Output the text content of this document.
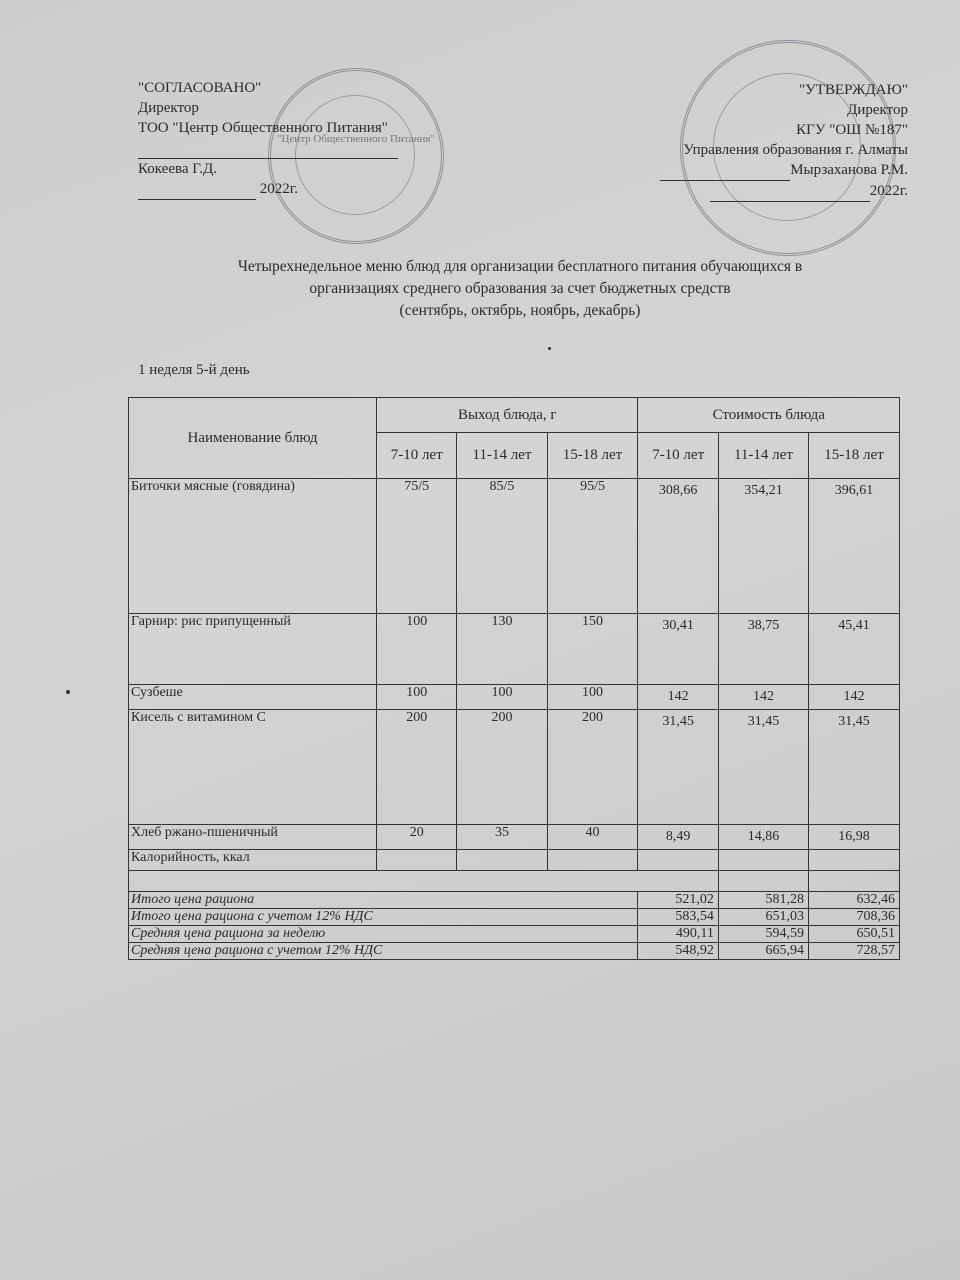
"Центр Общественного Питания"
"СОГЛАСОВАНО"
Директор
ТОО "Центр Общественного Питания"

Кокеева Г.Д.
2022г.
"УТВЕРЖДАЮ"
Директор
КГУ "ОШ №187"
Управления образования г. Алматы
Мырзаханова Р.М.
2022г.
Четырехнедельное меню блюд для организации бесплатного питания обучающихся в
организациях среднего образования за счет бюджетных средств
(сентябрь, октябрь, ноябрь, декабрь)
1 неделя 5-й день
Наименование блюд	Выход блюда, г			Стоимость блюда		
	7-10 лет	11-14 лет	15-18 лет	7-10 лет	11-14 лет	15-18 лет
Биточки мясные (говядина)	75/5	85/5	95/5	308,66	354,21	396,61
Гарнир: рис припущенный	100	130	150	30,41	38,75	45,41
Сузбеше	100	100	100	142	142	142
Кисель с витамином С	200	200	200	31,45	31,45	31,45
Хлеб ржано-пшеничный	20	35	40	8,49	14,86	16,98
Калорийность, ккал						

Итого цена рациона				521,02	581,28	632,46
Итого цена рациона с учетом 12% НДС				583,54	651,03	708,36
Средняя цена рациона за неделю				490,11	594,59	650,51
Средняя цена рациона с учетом 12% НДС				548,92	665,94	728,57
